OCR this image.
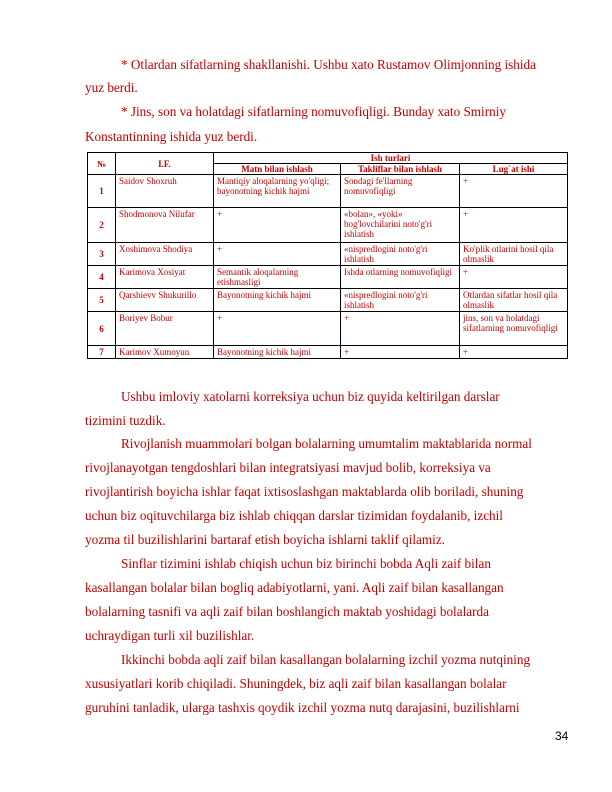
* Otlardan sifatlarning shakllanishi. Ushbu xato Rustamov Olimjonning ishida
yuz berdi.
* Jins, son va holatdagi sifatlarning nomuvofiqligi. Bunday xato Smirniy
Konstantinning ishida yuz berdi.
№	I.F.	Ish turlari		
		Matn bilan ishlash	Takliflar bilan ishlash	Lug`at ishi
1	Saidov Shoxruh	Mantiqiy aloqalarning yo'qligi; bayonotning kichik hajmi	Sondagi fe'llarning nomuvofiqligi	+
2	Shodmonova Nilufar	+	«bolan», «yoki» bog'lovchilarini noto'g'ri ishlatish	+
3	Xoshimova Shodiya	+	«nispredlogini noto'g'ri ishlatish	Ko'plik otlarini hosil qila olmaslik
4	Karimova Xosiyat	Semantik aloqalarning etishmasligi	Ishda otlarning nomuvofiqligi	+
5	Qarshievv Shukurillo	Bayonotning kichik hajmi	«nispredlogini noto'g'ri ishlatish	Otlardan sifatlar hosil qila olmaslik
6	Boriyev Bobur	+	+	jins, son va holatdagi sifatlarning nomuvofiqligi
7	Karimov Xumoyun	Bayonotning kichik hajmi	+	+
Ushbu imloviy xatolarni korreksiya uchun biz quyida keltirilgan darslar
tizimini tuzdik.
Rivojlanish muammolari bolgan bolalarning umumtalim maktablarida normal
rivojlanayotgan tengdoshlari bilan integratsiyasi mavjud bolib, korreksiya va
rivojlantirish boyicha ishlar faqat ixtisoslashgan maktablarda olib boriladi, shuning
uchun biz oqituvchilarga biz ishlab chiqqan darslar tizimidan foydalanib, izchil
yozma til buzilishlarini bartaraf etish boyicha ishlarni taklif qilamiz.
Sinflar tizimini ishlab chiqish uchun biz birinchi bobda Aqli zaif bilan
kasallangan bolalar bilan bogliq adabiyotlarni, yani. Aqli zaif bilan kasallangan
bolalarning tasnifi va aqli zaif bilan boshlangich maktab yoshidagi bolalarda
uchraydigan turli xil buzilishlar.
Ikkinchi bobda aqli zaif bilan kasallangan bolalarning izchil yozma nutqining
xususiyatlari korib chiqiladi. Shuningdek, biz aqli zaif bilan kasallangan bolalar
guruhini tanladik, ularga tashxis qoydik izchil yozma nutq darajasini, buzilishlarni
34
